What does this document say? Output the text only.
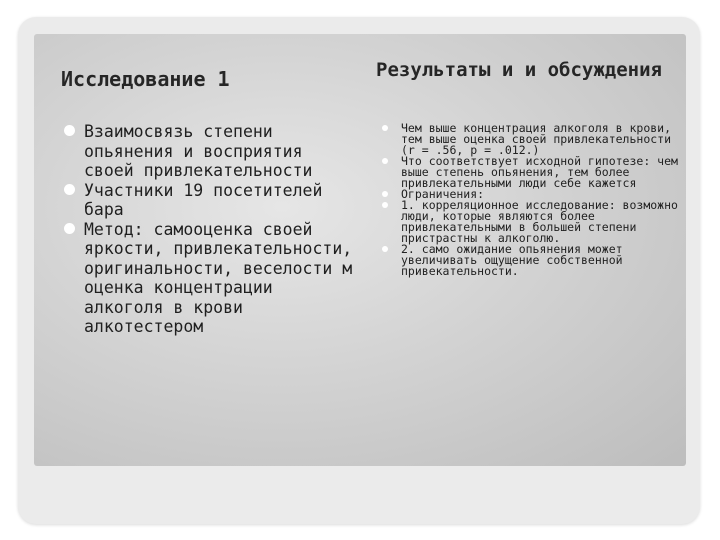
Исследование 1
Взаимосвязь степени опьянения и восприятия своей привлекательности
Участники 19 посетителей бара
Метод: самооценка своей яркости, привлекательности, оригинальности, веселости м оценка концентрации алкоголя в крови алкотестером
Результаты и и обсуждения
Чем выше концентрация алкоголя в крови, тем выше оценка своей привлекательности (r = .56, p = .012.)
Что соответствует исходной гипотезе: чем выше степень опьянения, тем более привлекательными люди себе кажется
Ограничения:
1. корреляционное исследование: возможно люди, которые являются более привлекательными в большей степени пристрастны к алкоголю.
2. само ожидание опьянения может увеличивать ощущение собственной привекательности.
